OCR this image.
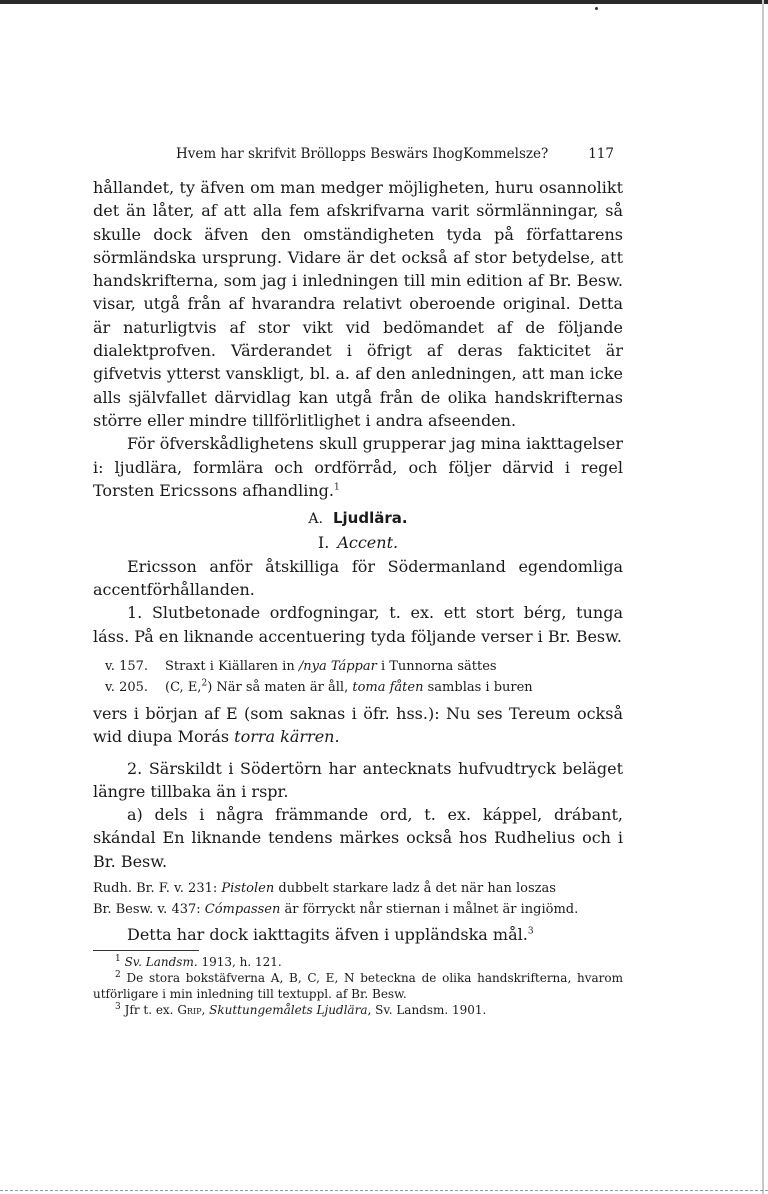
Hvem har skrifvit Bröllopps Beswärs IhogKommelsze?	117

hållandet, ty äfven om man medger möjligheten, huru osannolikt det än låter, af att alla fem afskrifvarna varit sörmlänningar, så skulle dock äfven den omständigheten tyda på författarens sörmländska ursprung. Vidare är det också af stor betydelse, att handskrifterna, som jag i inledningen till min edition af Br. Besw. visar, utgå från af hvarandra relativt oberoende original. Detta är naturligtvis af stor vikt vid bedömandet af de följande dialektprofven. Värderandet i öfrigt af deras fakticitet är gifvetvis ytterst vanskligt, bl. a. af den anledningen, att man icke alls självfallet därvidlag kan utgå från de olika handskrifternas större eller mindre tillförlitlighet i andra afseenden.

För öfverskådlighetens skull grupperar jag mina iakttagelser i: ljudlära, formlära och ordförråd, och följer därvid i regel Torsten Ericssons afhandling.$^1$

A. Ljudlära.

I. Accent.

Ericsson anför åtskilliga för Södermanland egendomliga accentförhållanden.

1. Slutbetonade ordfogningar, t. ex. ett stort bérg, tunga láss. På en liknande accentuering tyda följande verser i Br. Besw.

v. 157. Straxt i Kiällaren in /nya Táppar i Tunnorna sättes

v. 205. (C, E,$^2$) När så maten är åll, toma fåten samblas i buren

vers i början af E (som saknas i öfr. hss.): Nu ses Tereum också wid diupa Morás torra kärren.

2. Särskildt i Södertörn har antecknats hufvudtryck beläget längre tillbaka än i rspr.

a) dels i några främmande ord, t. ex. káppel, drábant, skándal En liknande tendens märkes också hos Rudhelius och i Br. Besw.

Rudh. Br. F. v. 231: Pistolen dubbelt starkare ladz å det när han loszas

Br. Besw. v. 437: Cómpassen är förryckt når stiernan i målnet är ingiömd.

Detta har dock iakttagits äfven i uppländska mål.$^3$

$^1$ Sv. Landsm. 1913, h. 121.

$^2$ De stora bokstäfverna A, B, C, E, N beteckna de olika handskrifterna, hvarom utförligare i min inledning till textuppl. af Br. Besw.

$^3$ Jfr t. ex. Grip, Skuttungemålets Ljudlära, Sv. Landsm. 1901.
